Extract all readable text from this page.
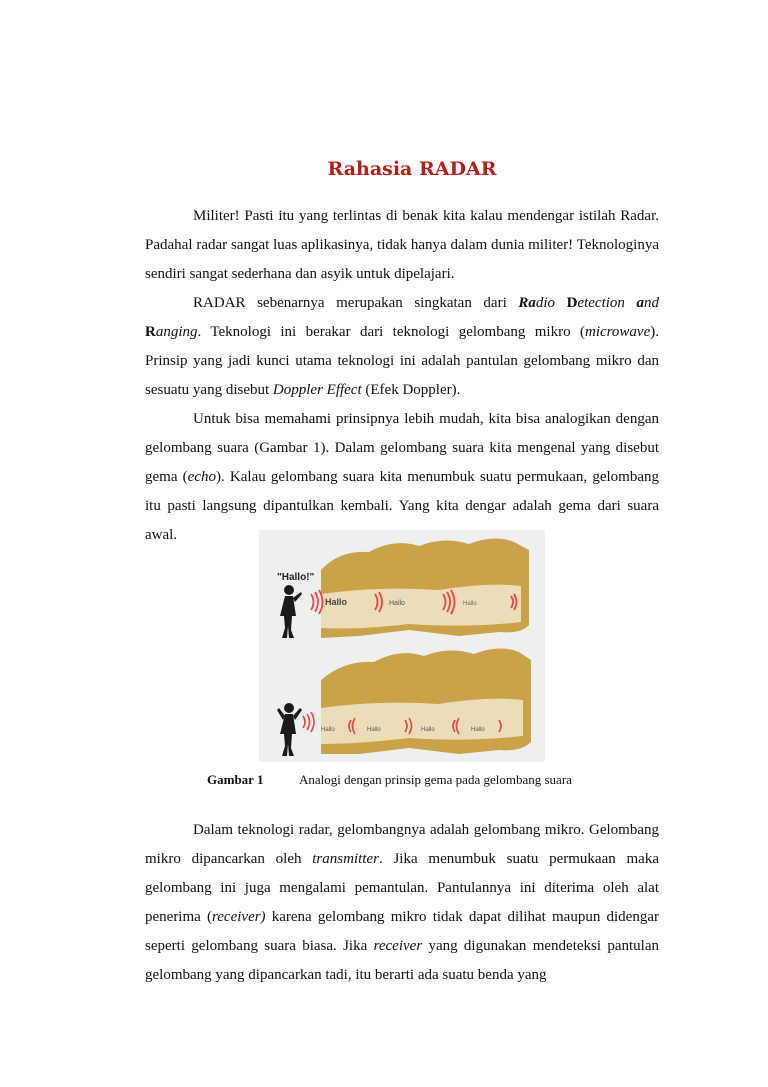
Rahasia RADAR

Militer! Pasti itu yang terlintas di benak kita kalau mendengar istilah Radar. Padahal radar sangat luas aplikasinya, tidak hanya dalam dunia militer! Teknologinya sendiri sangat sederhana dan asyik untuk dipelajari.

RADAR sebenarnya merupakan singkatan dari Radio Detection and Ranging. Teknologi ini berakar dari teknologi gelombang mikro (microwave). Prinsip yang jadi kunci utama teknologi ini adalah pantulan gelombang mikro dan sesuatu yang disebut Doppler Effect (Efek Doppler).

Untuk bisa memahami prinsipnya lebih mudah, kita bisa analogikan dengan gelombang suara (Gambar 1). Dalam gelombang suara kita mengenal yang disebut gema (echo). Kalau gelombang suara kita menumbuk suatu permukaan, gelombang itu pasti langsung dipantulkan kembali. Yang kita dengar adalah gema dari suara awal.

"Hallo!"
Hallo	Hallo	Hallo
Hallo	Hallo	Hallo	Hallo
Gambar 1	Analogi dengan prinsip gema pada gelombang suara

Dalam teknologi radar, gelombangnya adalah gelombang mikro. Gelombang mikro dipancarkan oleh transmitter. Jika menumbuk suatu permukaan maka gelombang ini juga mengalami pemantulan. Pantulannya ini diterima oleh alat penerima (receiver) karena gelombang mikro tidak dapat dilihat maupun didengar seperti gelombang suara biasa. Jika receiver yang digunakan mendeteksi pantulan gelombang yang dipancarkan tadi, itu berarti ada suatu benda yang
